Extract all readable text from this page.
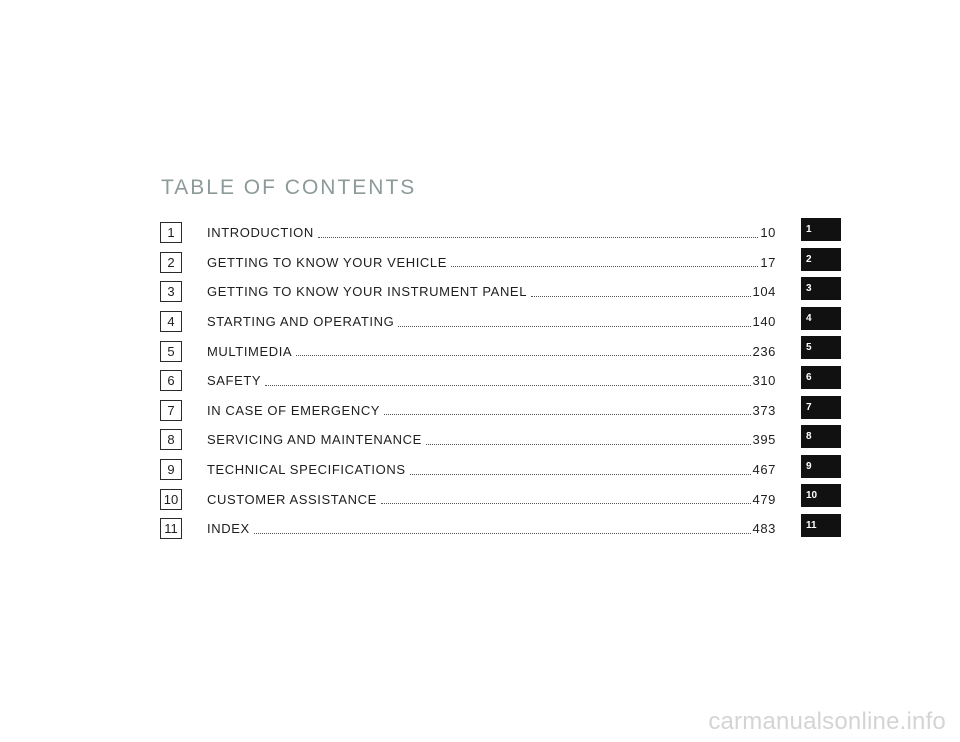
TABLE OF CONTENTS
1	INTRODUCTION	10
2	GETTING TO KNOW YOUR VEHICLE	17
3	GETTING TO KNOW YOUR INSTRUMENT PANEL	104
4	STARTING AND OPERATING	140
5	MULTIMEDIA	236
6	SAFETY	310
7	IN CASE OF EMERGENCY	373
8	SERVICING AND MAINTENANCE	395
9	TECHNICAL SPECIFICATIONS	467
10 CUSTOMER ASSISTANCE	479
11	INDEX	483
1
2
3
4
5
6
7
8
9
10
11
carmanualsonline.info
